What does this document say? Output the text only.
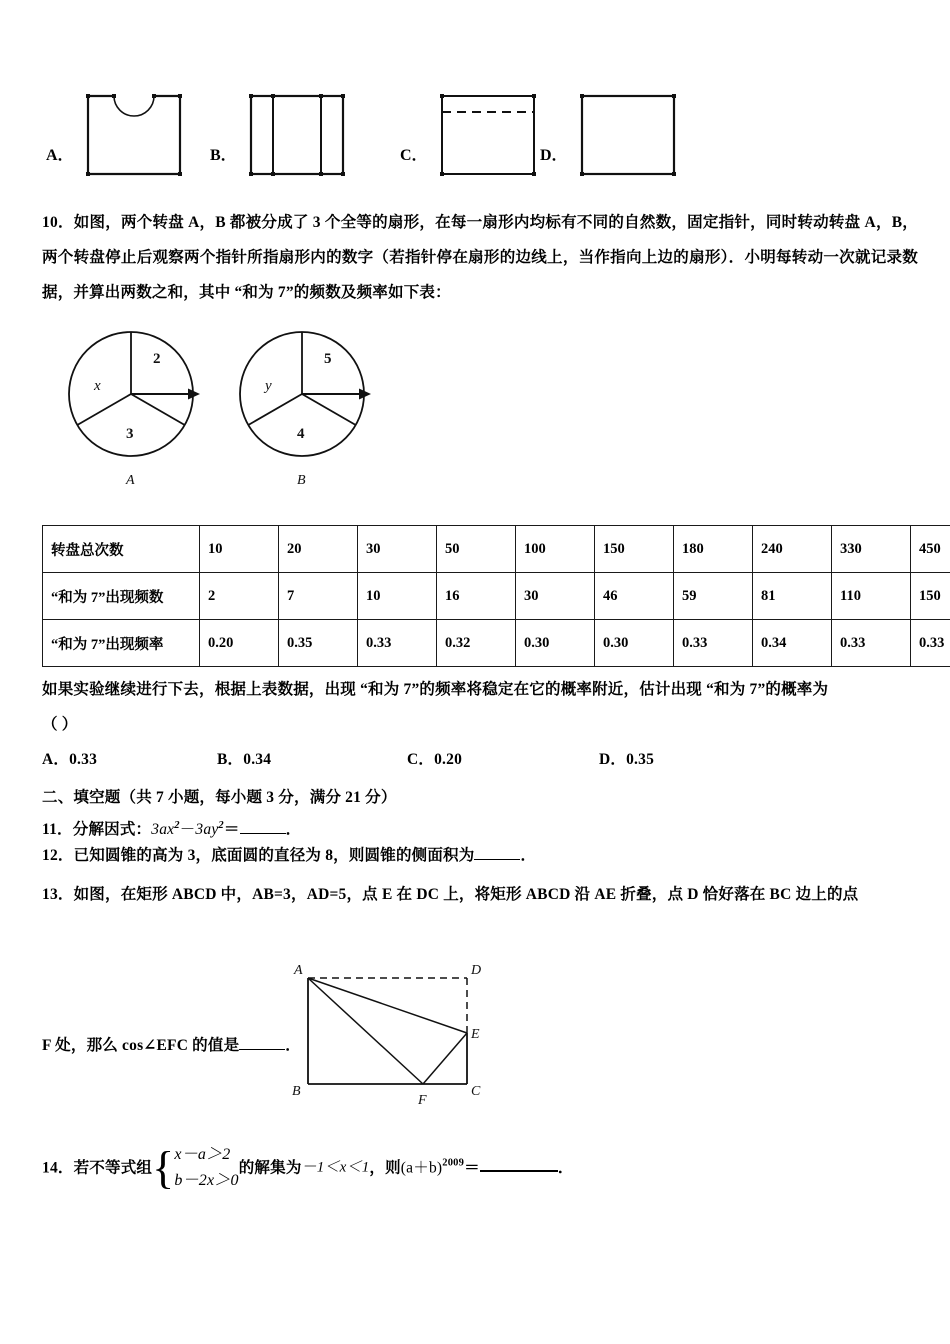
A．	B．	C．	D．
10．如图，两个转盘 A，B 都被分成了 3 个全等的扇形，在每一扇形内均标有不同的自然数，固定指针，同时转动转盘 A，B，两个转盘停止后观察两个指针所指扇形内的数字（若指针停在扇形的边线上，当作指向上边的扇形）．小明每转动一次就记录数据，并算出两数之和，其中 “和为 7”的频数及频率如下表：
2
3
x
A
5
4
y
B
转盘总次数	10	20	30	50	100	150	180	240	330	450
“和为 7”出现频数	2	7	10	16	30	46	59	81	110	150
“和为 7”出现频率	0.20	0.35	0.33	0.32	0.30	0.30	0.33	0.34	0.33	0.33
如果实验继续进行下去，根据上表数据，出现 “和为 7”的频率将稳定在它的概率附近，估计出现 “和为 7”的概率为
（ ）
A．0.33	B．0.34	C．0.20	D．0.35
二、填空题（共 7 小题，每小题 3 分，满分 21 分）
11．分解因式：$3ax^2-3ay^2=$	．
12．已知圆锥的高为 3，底面圆的直径为 8，则圆锥的侧面积为	．
13．如图，在矩形 ABCD 中，AB=3，AD=5，点 E 在 DC 上，将矩形 ABCD 沿 AE 折叠，点 D 恰好落在 BC 边上的点
F 处，那么 cos∠EFC 的值是	．
A	D
E
C
B
F
14．若不等式组{ x－a＞2
b－2x＞0
的解集为－1＜x＜1，则$(a+b)^{2009}=$	．
